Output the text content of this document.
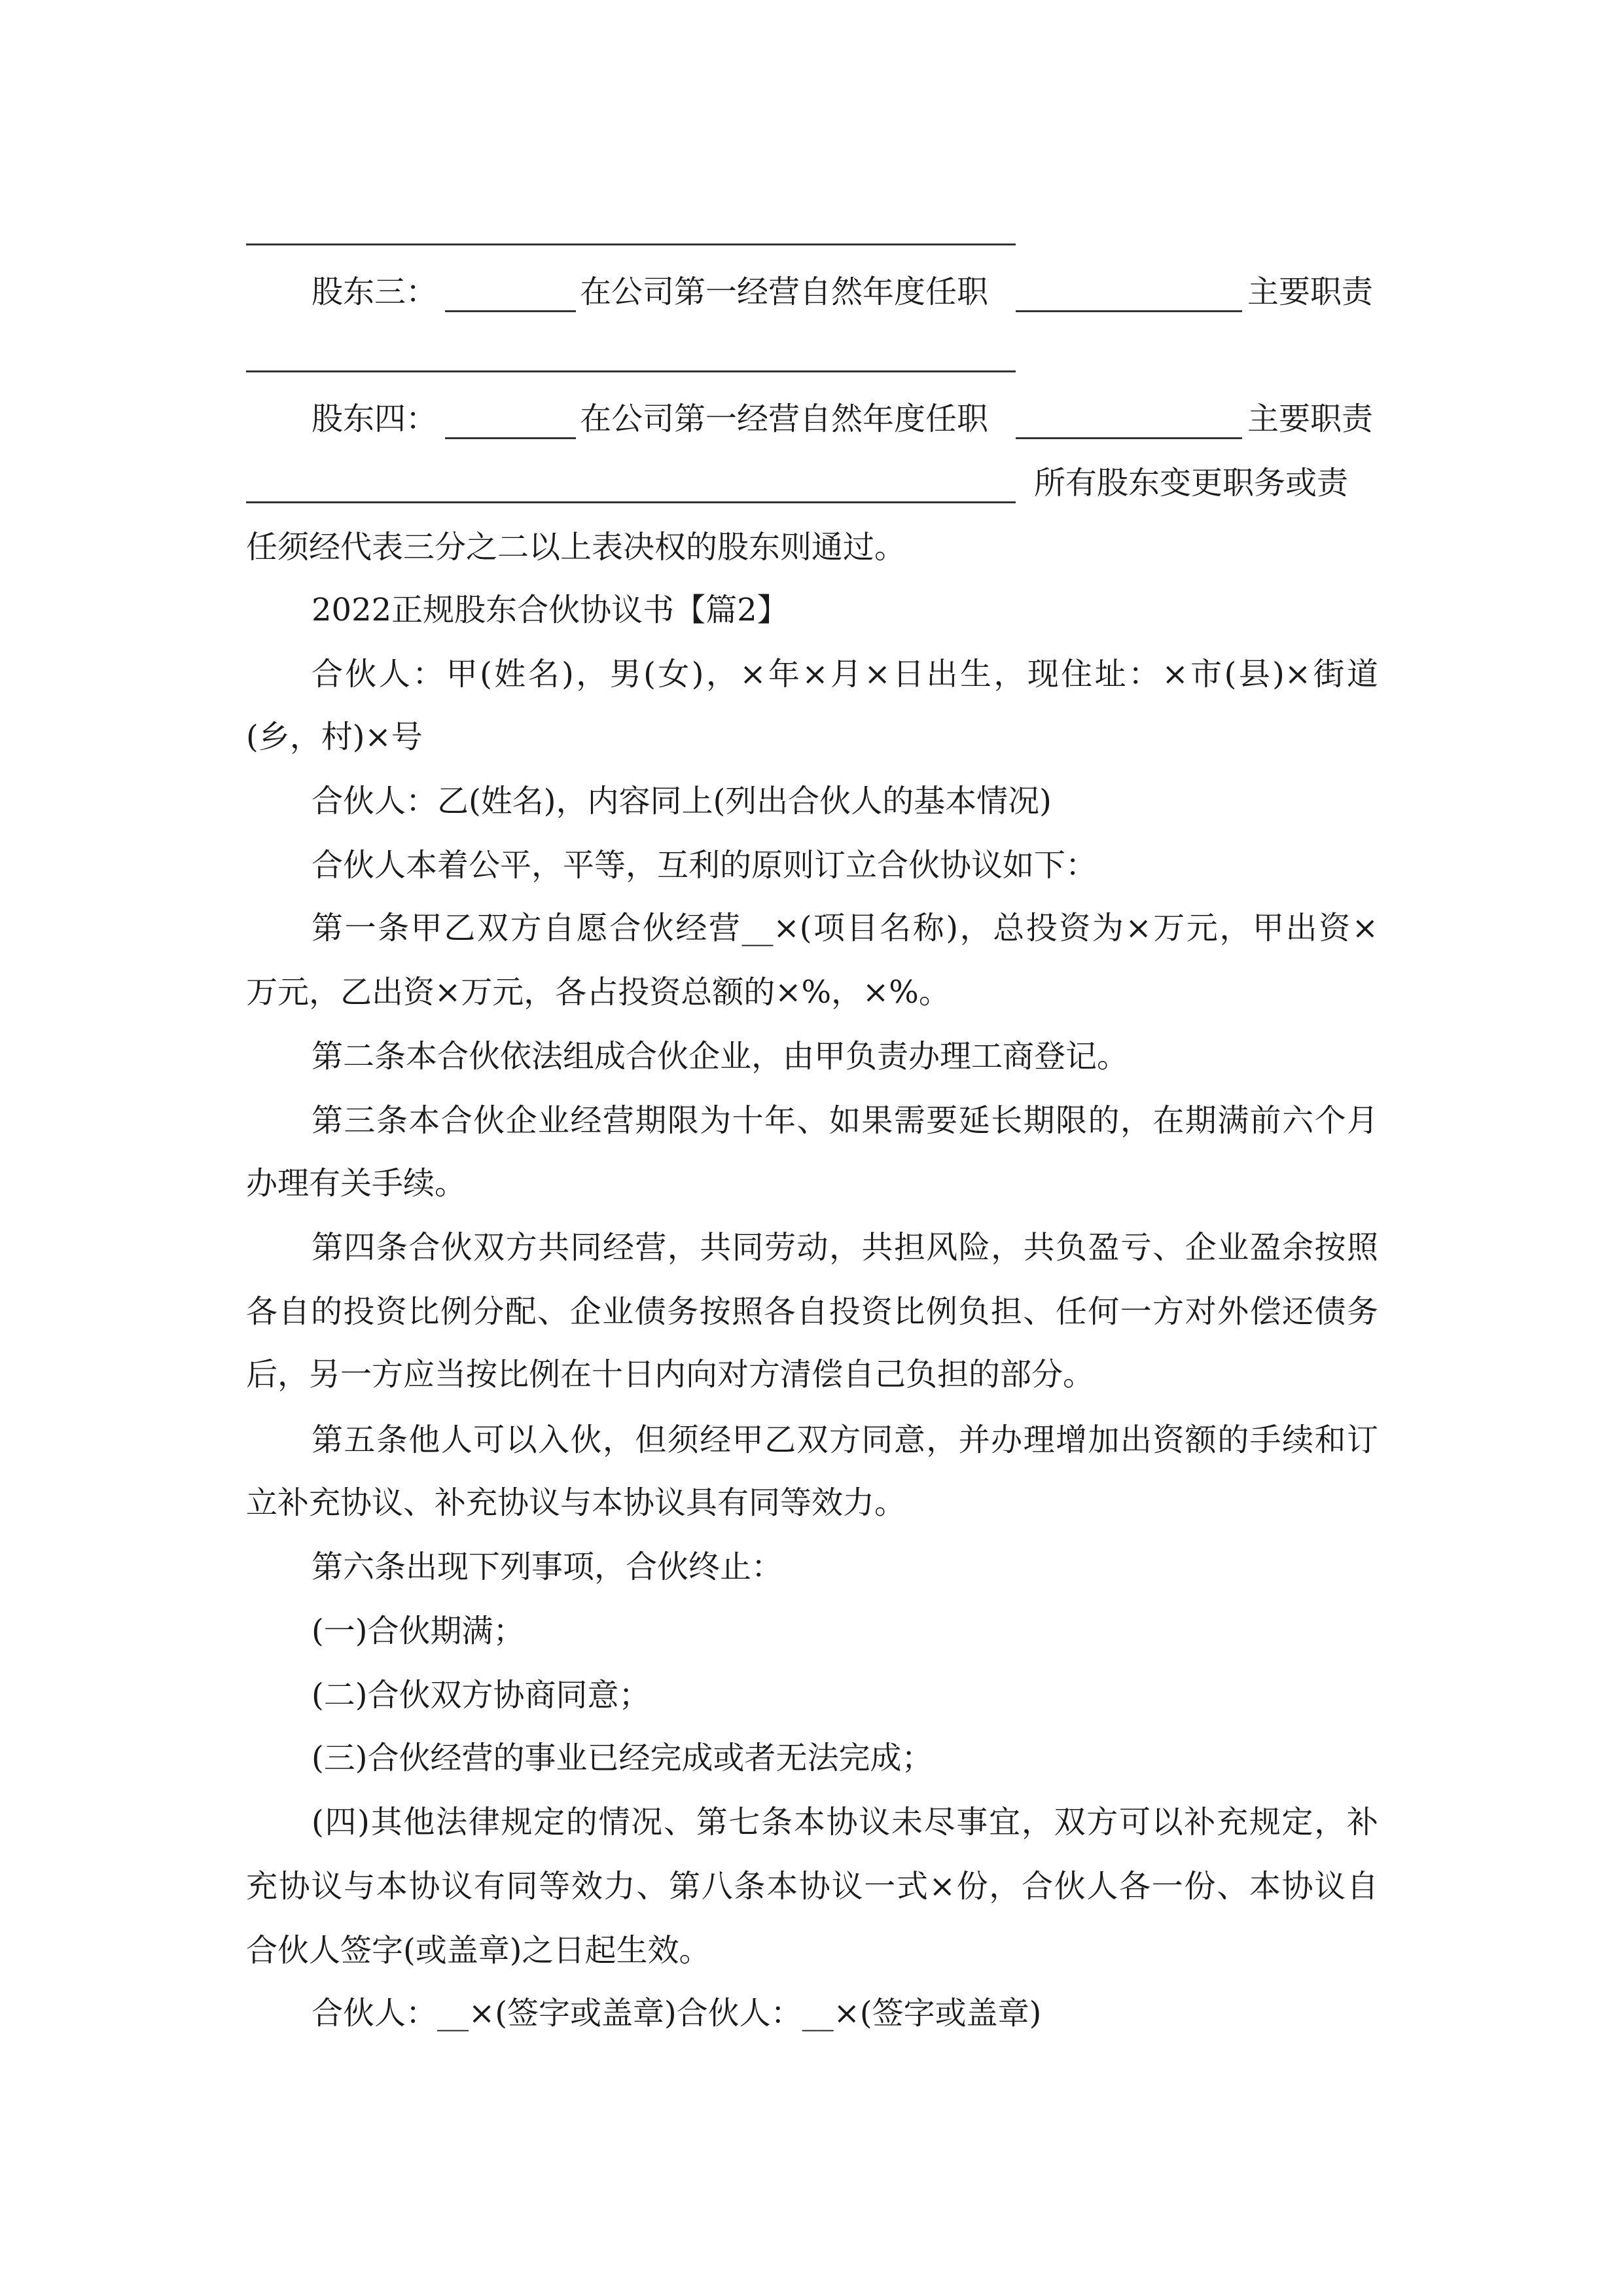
股东三：	在公司第一经营自然年度任职	主要职责
股东四：	在公司第一经营自然年度任职	主要职责
所有股东变更职务或责
任须经代表三分之二以上表决权的股东则通过。
2022正规股东合伙协议书【篇2】
合伙人：甲(姓名)，男(女)，×年×月×日出生，现住址：×市(县)×街道
(乡，村)×号
合伙人：乙(姓名)，内容同上(列出合伙人的基本情况)
合伙人本着公平，平等，互利的原则订立合伙协议如下：
第一条甲乙双方自愿合伙经营__×(项目名称)，总投资为×万元，甲出资×
万元，乙出资×万元，各占投资总额的×%，×%。
第二条本合伙依法组成合伙企业，由甲负责办理工商登记。
第三条本合伙企业经营期限为十年、如果需要延长期限的，在期满前六个月
办理有关手续。
第四条合伙双方共同经营，共同劳动，共担风险，共负盈亏、企业盈余按照
各自的投资比例分配、企业债务按照各自投资比例负担、任何一方对外偿还债务
后，另一方应当按比例在十日内向对方清偿自己负担的部分。
第五条他人可以入伙，但须经甲乙双方同意，并办理增加出资额的手续和订
立补充协议、补充协议与本协议具有同等效力。
第六条出现下列事项，合伙终止：
(一)合伙期满；
(二)合伙双方协商同意；
(三)合伙经营的事业已经完成或者无法完成；
(四)其他法律规定的情况、第七条本协议未尽事宜，双方可以补充规定，补
充协议与本协议有同等效力、第八条本协议一式×份，合伙人各一份、本协议自
合伙人签字(或盖章)之日起生效。
合伙人：__×(签字或盖章)合伙人：__×(签字或盖章)
